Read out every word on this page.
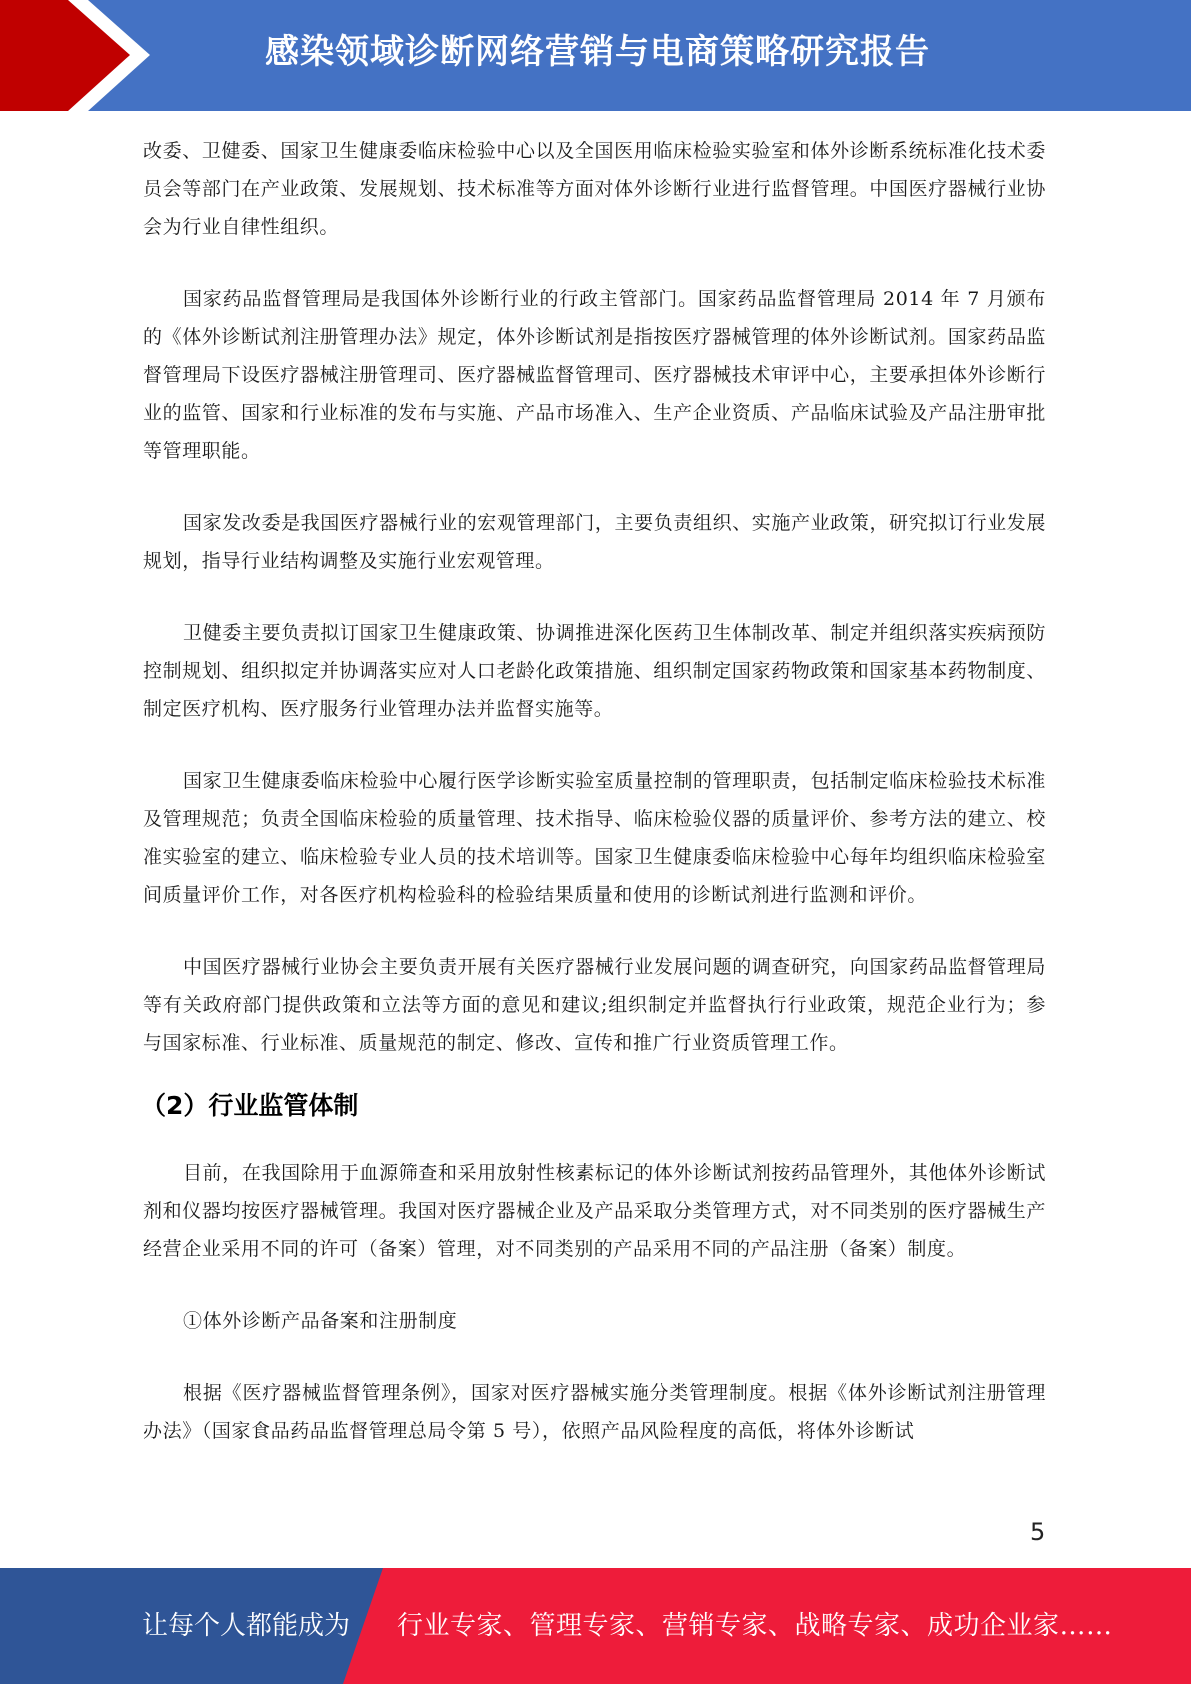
感染领域诊断网络营销与电商策略研究报告

改委、卫健委、国家卫生健康委临床检验中心以及全国医用临床检验实验室和体外诊断系统标准化技术委员会等部门在产业政策、发展规划、技术标准等方面对体外诊断行业进行监督管理。中国医疗器械行业协会为行业自律性组织。

国家药品监督管理局是我国体外诊断行业的行政主管部门。国家药品监督管理局 2014 年 7 月颁布的《体外诊断试剂注册管理办法》规定，体外诊断试剂是指按医疗器械管理的体外诊断试剂。国家药品监督管理局下设医疗器械注册管理司、医疗器械监督管理司、医疗器械技术审评中心，主要承担体外诊断行业的监管、国家和行业标准的发布与实施、产品市场准入、生产企业资质、产品临床试验及产品注册审批等管理职能。

国家发改委是我国医疗器械行业的宏观管理部门，主要负责组织、实施产业政策，研究拟订行业发展规划，指导行业结构调整及实施行业宏观管理。

卫健委主要负责拟订国家卫生健康政策、协调推进深化医药卫生体制改革、制定并组织落实疾病预防控制规划、组织拟定并协调落实应对人口老龄化政策措施、组织制定国家药物政策和国家基本药物制度、制定医疗机构、医疗服务行业管理办法并监督实施等。

国家卫生健康委临床检验中心履行医学诊断实验室质量控制的管理职责，包括制定临床检验技术标准及管理规范；负责全国临床检验的质量管理、技术指导、临床检验仪器的质量评价、参考方法的建立、校准实验室的建立、临床检验专业人员的技术培训等。国家卫生健康委临床检验中心每年均组织临床检验室间质量评价工作，对各医疗机构检验科的检验结果质量和使用的诊断试剂进行监测和评价。

中国医疗器械行业协会主要负责开展有关医疗器械行业发展问题的调查研究，向国家药品监督管理局等有关政府部门提供政策和立法等方面的意见和建议;组织制定并监督执行行业政策，规范企业行为；参与国家标准、行业标准、质量规范的制定、修改、宣传和推广行业资质管理工作。

（2）行业监管体制

目前，在我国除用于血源筛查和采用放射性核素标记的体外诊断试剂按药品管理外，其他体外诊断试剂和仪器均按医疗器械管理。我国对医疗器械企业及产品采取分类管理方式，对不同类别的医疗器械生产经营企业采用不同的许可（备案）管理，对不同类别的产品采用不同的产品注册（备案）制度。

①体外诊断产品备案和注册制度

根据《医疗器械监督管理条例》，国家对医疗器械实施分类管理制度。根据《体外诊断试剂注册管理办法》（国家食品药品监督管理总局令第 5 号），依照产品风险程度的高低，将体外诊断试

5
让每个人都能成为 行业专家、管理专家、营销专家、战略专家、成功企业家……
